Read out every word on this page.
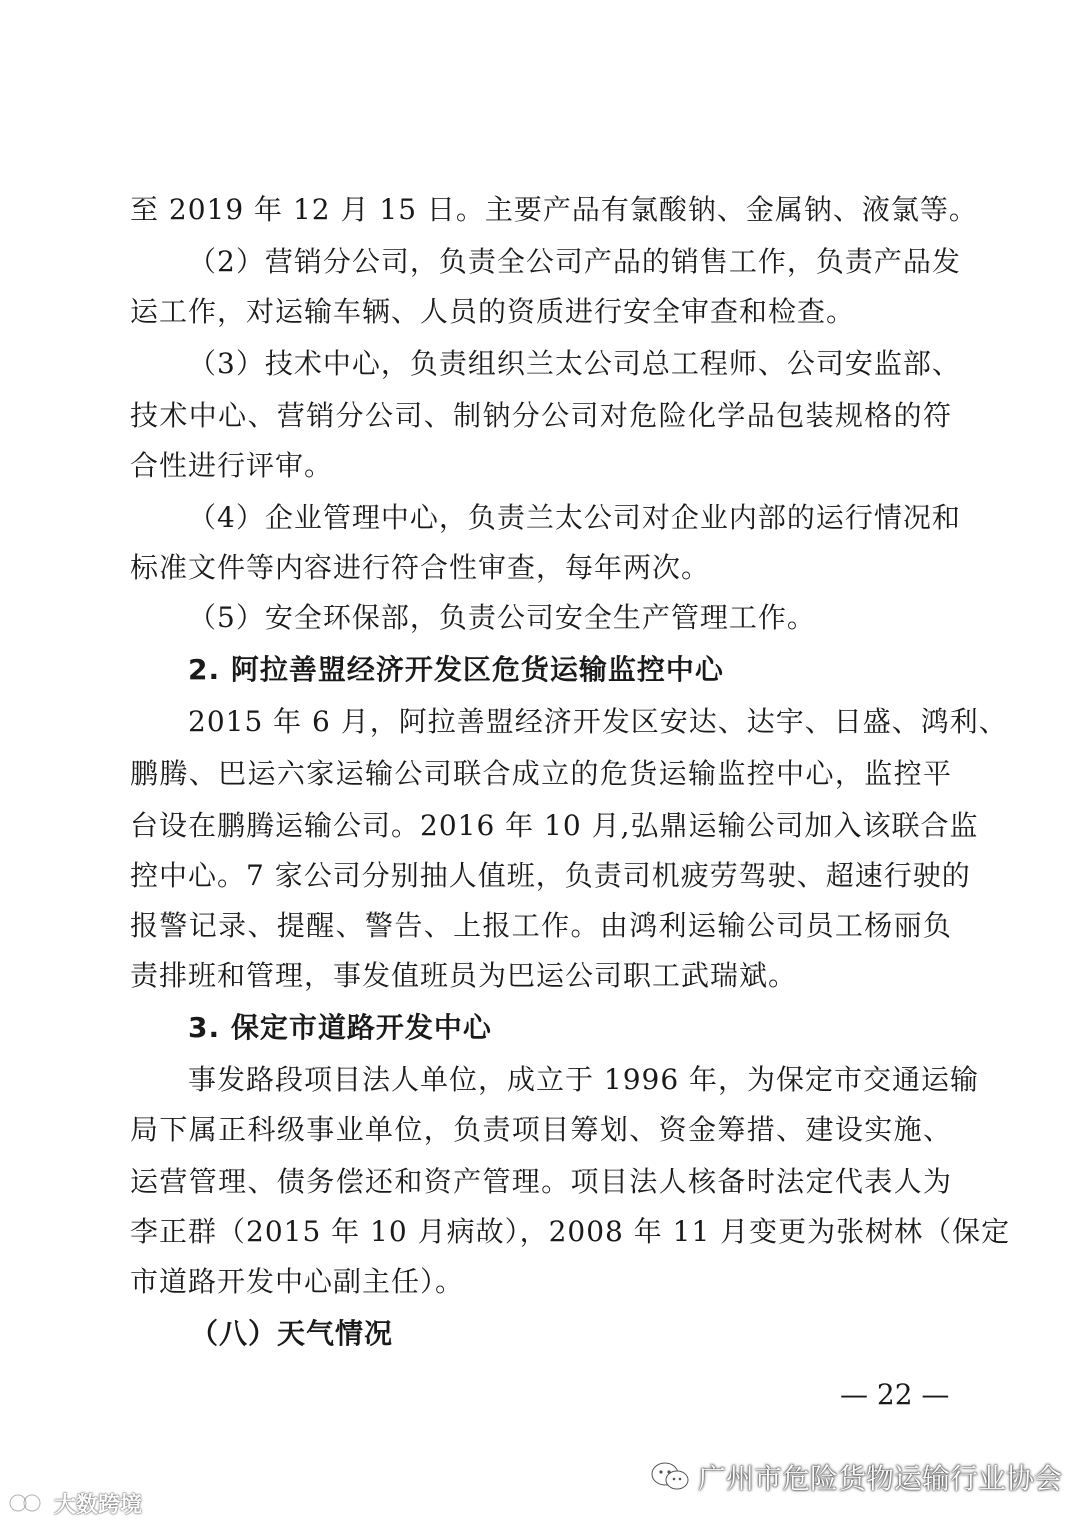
至 2019 年 12 月 15 日。主要产品有氯酸钠、金属钠、液氯等。
（2）营销分公司，负责全公司产品的销售工作，负责产品发
运工作，对运输车辆、人员的资质进行安全审查和检查。
（3）技术中心，负责组织兰太公司总工程师、公司安监部、
技术中心、营销分公司、制钠分公司对危险化学品包装规格的符
合性进行评审。
（4）企业管理中心，负责兰太公司对企业内部的运行情况和
标准文件等内容进行符合性审查，每年两次。
（5）安全环保部，负责公司安全生产管理工作。
2. 阿拉善盟经济开发区危货运输监控中心
2015 年 6 月，阿拉善盟经济开发区安达、达宇、日盛、鸿利、
鹏腾、巴运六家运输公司联合成立的危货运输监控中心，监控平
台设在鹏腾运输公司。2016 年 10 月,弘鼎运输公司加入该联合监
控中心。7 家公司分别抽人值班，负责司机疲劳驾驶、超速行驶的
报警记录、提醒、警告、上报工作。由鸿利运输公司员工杨丽负
责排班和管理，事发值班员为巴运公司职工武瑞斌。
3. 保定市道路开发中心
事发路段项目法人单位，成立于 1996 年，为保定市交通运输
局下属正科级事业单位，负责项目筹划、资金筹措、建设实施、
运营管理、债务偿还和资产管理。项目法人核备时法定代表人为
李正群（2015 年 10 月病故），2008 年 11 月变更为张树林（保定
市道路开发中心副主任）。
（八）天气情况
— 22 —
大数跨境
广州市危险货物运输行业协会
